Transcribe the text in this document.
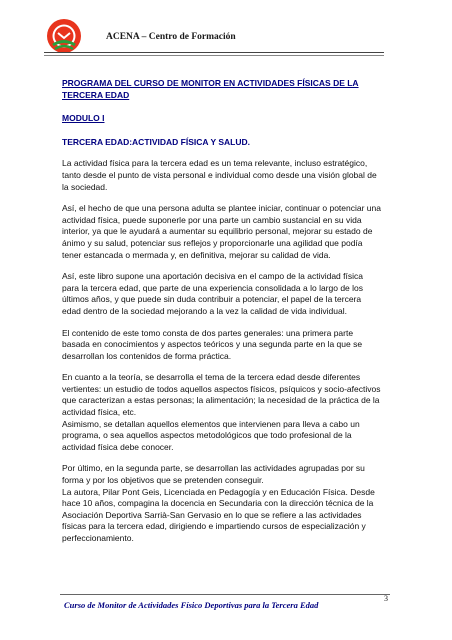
ACENA – Centro de Formación

PROGRAMA DEL CURSO DE MONITOR EN ACTIVIDADES FÍSICAS DE LA TERCERA EDAD

MODULO I

TERCERA EDAD:ACTIVIDAD FÍSICA Y SALUD.

La actividad física para la tercera edad es un tema relevante, incluso estratégico, tanto desde el punto de vista personal e individual como desde una visión global de la sociedad.

Así, el hecho de que una persona adulta se plantee iniciar, continuar o potenciar una actividad física, puede suponerle por una parte un cambio sustancial en su vida interior, ya que le ayudará a aumentar su equilibrio personal, mejorar su estado de ánimo y su salud, potenciar sus reflejos y proporcionarle una agilidad que podía tener estancada o mermada y, en definitiva, mejorar su calidad de vida.

Así, este libro supone una aportación decisiva en el campo de la actividad física para la tercera edad, que parte de una experiencia consolidada a lo largo de los últimos años, y que puede sin duda contribuir a potenciar, el papel de la tercera edad dentro de la sociedad mejorando a la vez la calidad de vida individual.

El contenido de este tomo consta de dos partes generales: una primera parte basada en conocimientos y aspectos teóricos y una segunda parte en la que se desarrollan los contenidos de forma práctica.

En cuanto a la teoría, se desarrolla el tema de la tercera edad desde diferentes vertientes: un estudio de todos aquellos aspectos físicos, psíquicos y socio-afectivos que caracterizan a estas personas; la alimentación; la necesidad de la práctica de la actividad física, etc.

Asimismo, se detallan aquellos elementos que intervienen para lleva a cabo un programa, o sea aquellos aspectos metodológicos que todo profesional de la actividad física debe conocer.

Por último, en la segunda parte, se desarrollan las actividades agrupadas por su forma y por los objetivos que se pretenden conseguir.

La autora, Pilar Pont Geis, Licenciada en Pedagogía y en Educación Física. Desde hace 10 años, compagina la docencia en Secundaria con la dirección técnica de la Asociación Deportiva Sarrià-San Gervasio en lo que se refiere a las actividades físicas para la tercera edad, dirigiendo e impartiendo cursos de especialización y perfeccionamiento.

Curso de Monitor de Actividades Físico Deportivas para la Tercera Edad
3
